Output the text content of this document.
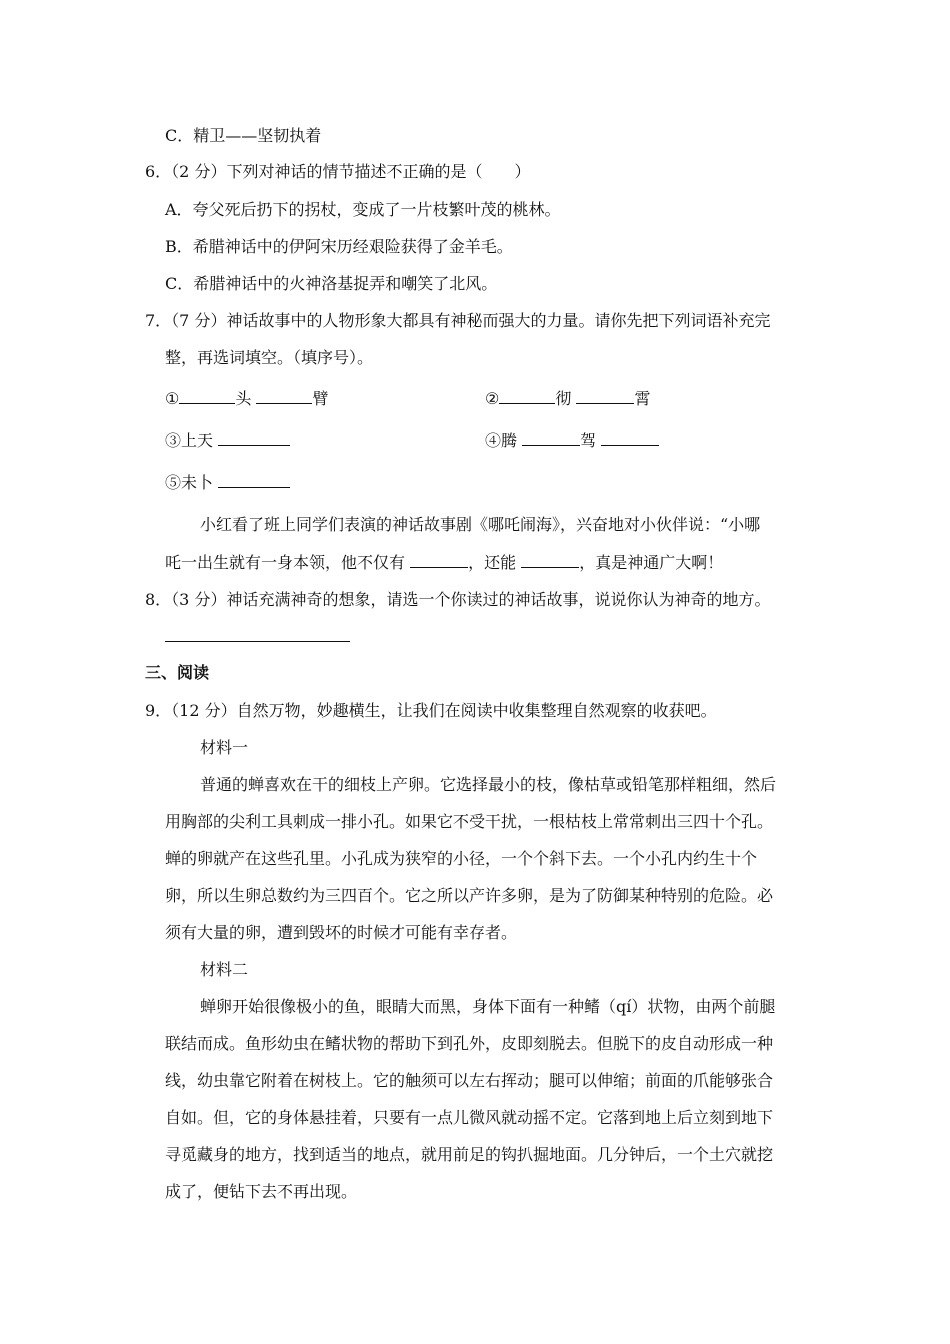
C．精卫——坚韧执着
6．（2 分）下列对神话的情节描述不正确的是（　　）
A．夸父死后扔下的拐杖，变成了一片枝繁叶茂的桃林。
B．希腊神话中的伊阿宋历经艰险获得了金羊毛。
C．希腊神话中的火神洛基捉弄和嘲笑了北风。
7．（7 分）神话故事中的人物形象大都具有神秘而强大的力量。请你先把下列词语补充完
整，再选词填空。（填序号）。
①	头	臂	②	彻	霄
③上天	④腾	驾
⑤未卜
小红看了班上同学们表演的神话故事剧《哪吒闹海》，兴奋地对小伙伴说：“小哪
吒一出生就有一身本领，他不仅有	，还能	，真是神通广大啊！
8．（3 分）神话充满神奇的想象，请选一个你读过的神话故事，说说你认为神奇的地方。
三、阅读
9．（12 分）自然万物，妙趣横生，让我们在阅读中收集整理自然观察的收获吧。
材料一
普通的蝉喜欢在干的细枝上产卵。它选择最小的枝，像枯草或铅笔那样粗细，然后
用胸部的尖利工具刺成一排小孔。如果它不受干扰，一根枯枝上常常刺出三四十个孔。
蝉的卵就产在这些孔里。小孔成为狭窄的小径，一个个斜下去。一个小孔内约生十个
卵，所以生卵总数约为三四百个。它之所以产许多卵，是为了防御某种特别的危险。必
须有大量的卵，遭到毁坏的时候才可能有幸存者。
材料二
蝉卵开始很像极小的鱼，眼睛大而黑，身体下面有一种鳍（qí）状物，由两个前腿
联结而成。鱼形幼虫在鳍状物的帮助下到孔外，皮即刻脱去。但脱下的皮自动形成一种
线，幼虫靠它附着在树枝上。它的触须可以左右挥动；腿可以伸缩；前面的爪能够张合
自如。但，它的身体悬挂着，只要有一点儿微风就动摇不定。它落到地上后立刻到地下
寻觅藏身的地方，找到适当的地点，就用前足的钩扒掘地面。几分钟后，一个土穴就挖
成了，便钻下去不再出现。
